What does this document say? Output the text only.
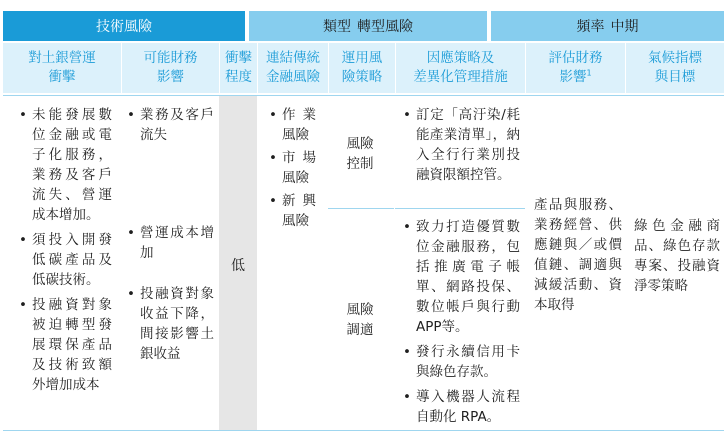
技術風險	類型 轉型風險	頻率 中期
對土銀營運
衝擊
可能財務
影響
衝擊
程度
連結傳統
金融風險
運用風
險策略
因應策略及
差異化管理措施
評估財務
影響$^1$
氣候指標
與目標
• 未能發展數位金融或電子化服務，業務及客戶流失、營運成本增加。
• 須投入開發低碳產品及低碳技術。
• 投融資對象被迫轉型發展環保產品及技術致額外增加成本
• 業務及客戶流失
• 營運成本增加
• 投融資對象收益下降，間接影響土銀收益
低
• 作業風險
• 市場風險
• 新興風險
風險
控制
風險
調適
• 訂定「高汙染/耗能產業清單」，納入全行行業別投融資限額控管。
• 致力打造優質數位金融服務，包括推廣電子帳單、網路投保、數位帳戶與行動APP等。
• 發行永續信用卡與綠色存款。
• 導入機器人流程自動化 RPA。
產品與服務、業務經營、供應鏈與／或價值鏈、調適與減緩活動、資本取得
綠色金融商品、綠色存款專案、投融資淨零策略
